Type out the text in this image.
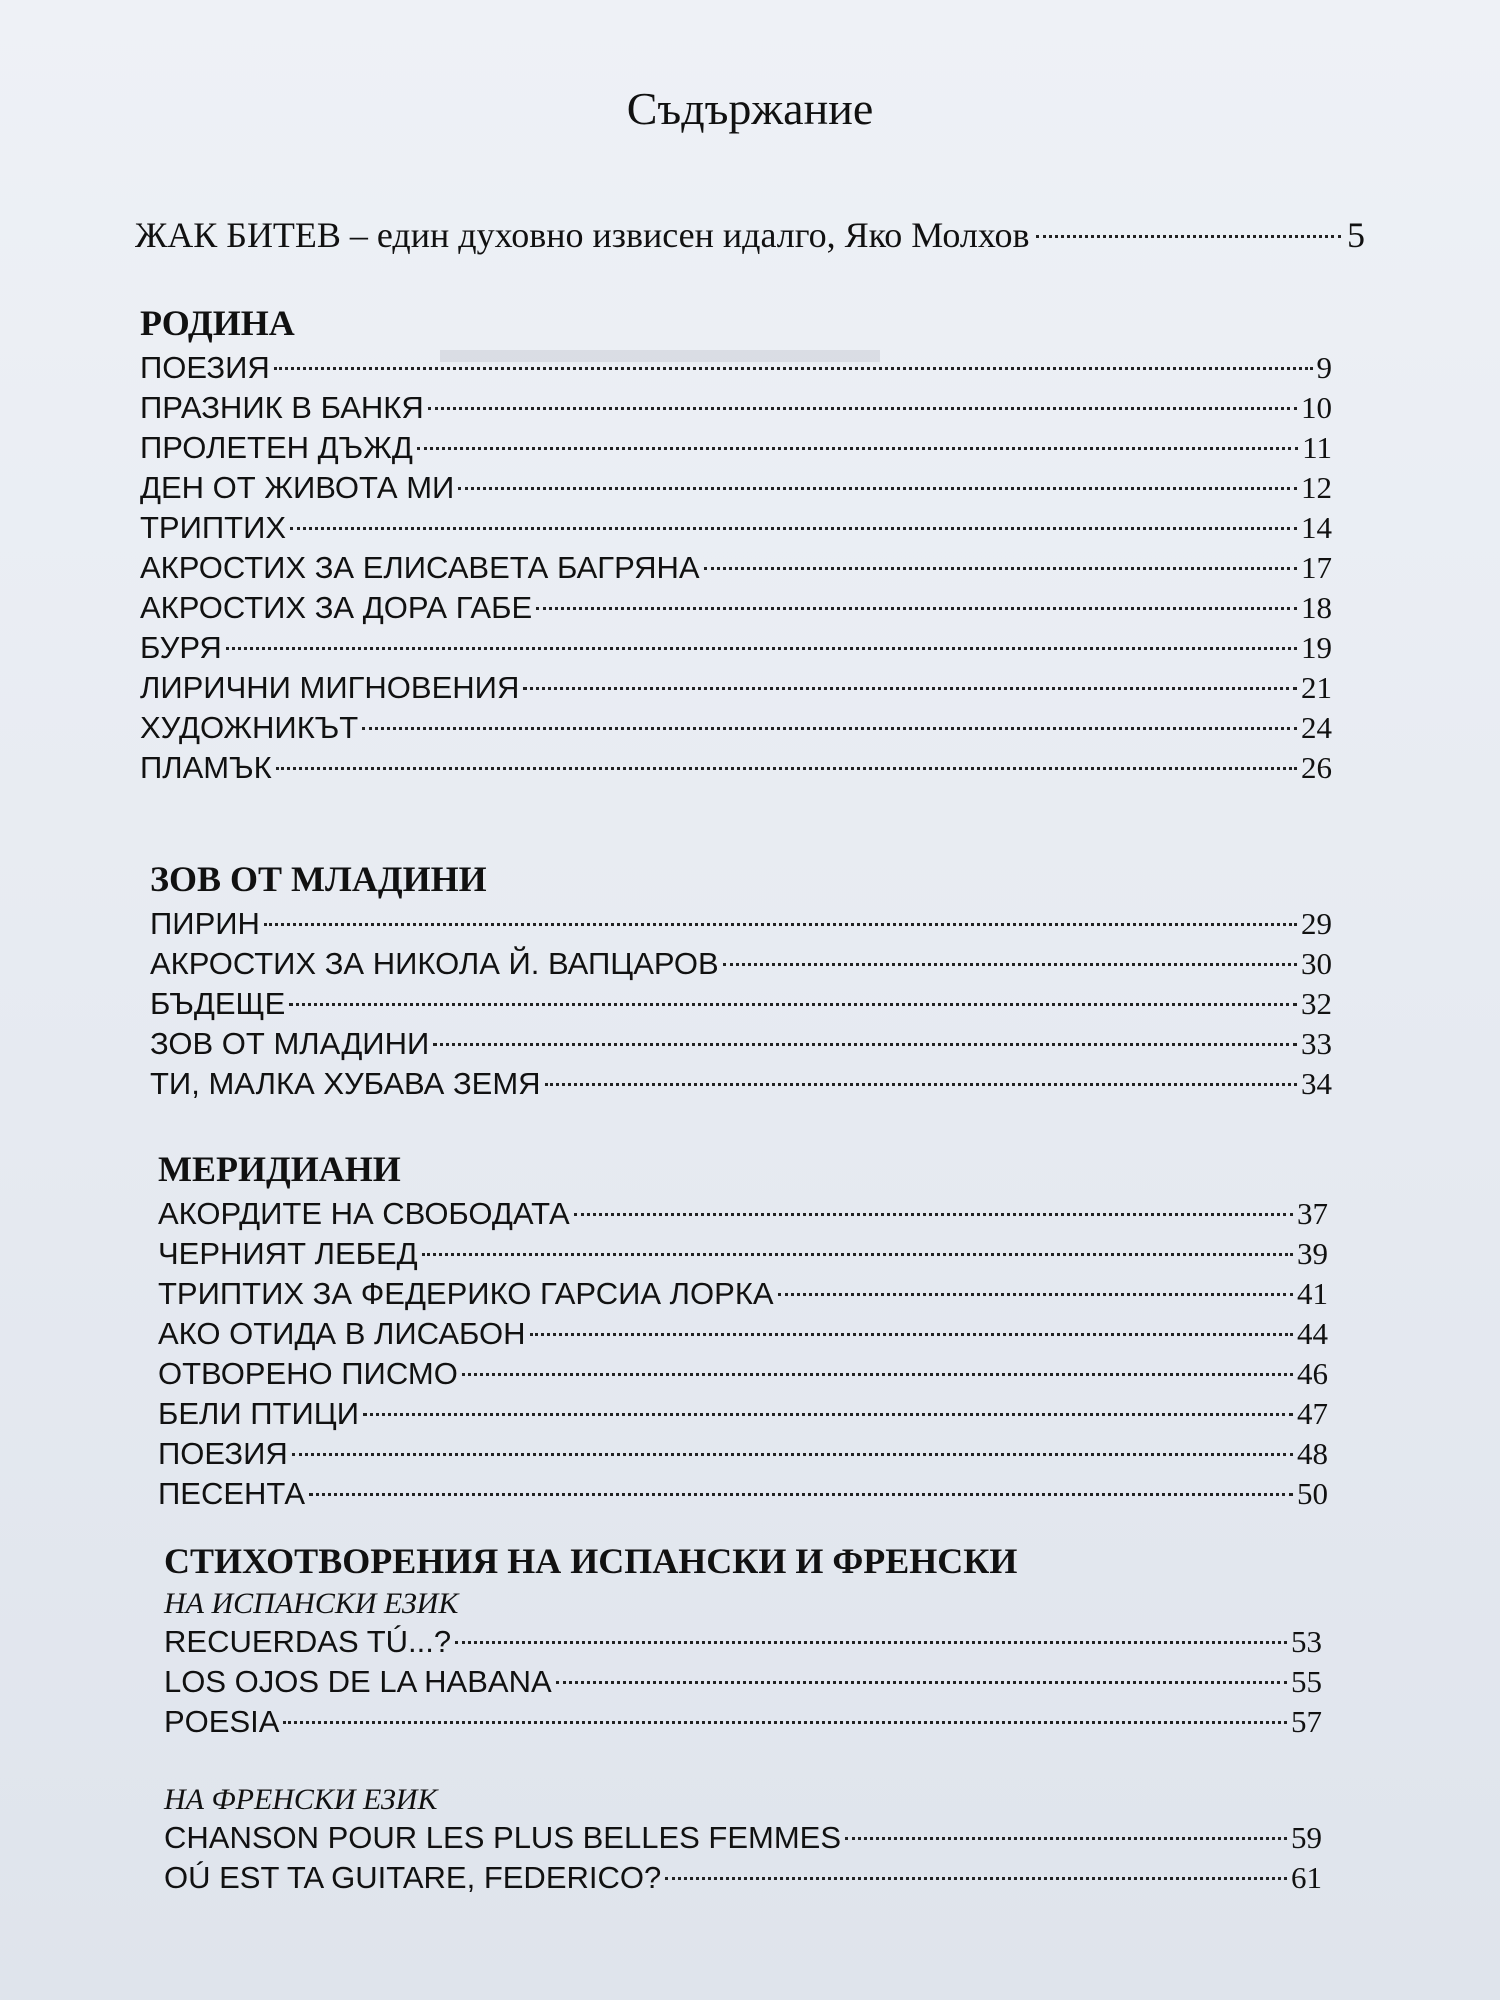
▬▬▬▬▬▬▬▬▬▬▬
Съдържание
ЖАК БИТЕВ – един духовно извисен идалго, Яко Молхов	5
РОДИНА
ПОЕЗИЯ	9
ПРАЗНИК В БАНКЯ	10
ПРОЛЕТЕН ДЪЖД	11
ДЕН ОТ ЖИВОТА МИ	12
ТРИПТИХ	14
АКРОСТИХ ЗА ЕЛИСАВЕТА БАГРЯНА	17
АКРОСТИХ ЗА ДОРА ГАБЕ	18
БУРЯ	19
ЛИРИЧНИ МИГНОВЕНИЯ	21
ХУДОЖНИКЪТ	24
ПЛАМЪК	26
ЗОВ ОТ МЛАДИНИ
ПИРИН	29
АКРОСТИХ ЗА НИКОЛА Й. ВАПЦАРОВ	30
БЪДЕЩЕ	32
ЗОВ ОТ МЛАДИНИ	33
ТИ, МАЛКА ХУБАВА ЗЕМЯ	34
МЕРИДИАНИ
АКОРДИТЕ НА СВОБОДАТА	37
ЧЕРНИЯТ ЛЕБЕД	39
ТРИПТИХ ЗА ФЕДЕРИКО ГАРСИА ЛОРКА	41
АКО ОТИДА В ЛИСАБОН	44
ОТВОРЕНО ПИСМО	46
БЕЛИ ПТИЦИ	47
ПОЕЗИЯ	48
ПЕСЕНТА	50
СТИХОТВОРЕНИЯ НА ИСПАНСКИ И ФРЕНСКИ
НА ИСПАНСКИ ЕЗИК
RECUERDAS TÚ...?	53
LOS OJOS DE LA HABANA	55
POESIA	57
НА ФРЕНСКИ ЕЗИК
CHANSON POUR LES PLUS BELLES FEMMES	59
OÚ EST TA GUITARE, FEDERICO?	61
